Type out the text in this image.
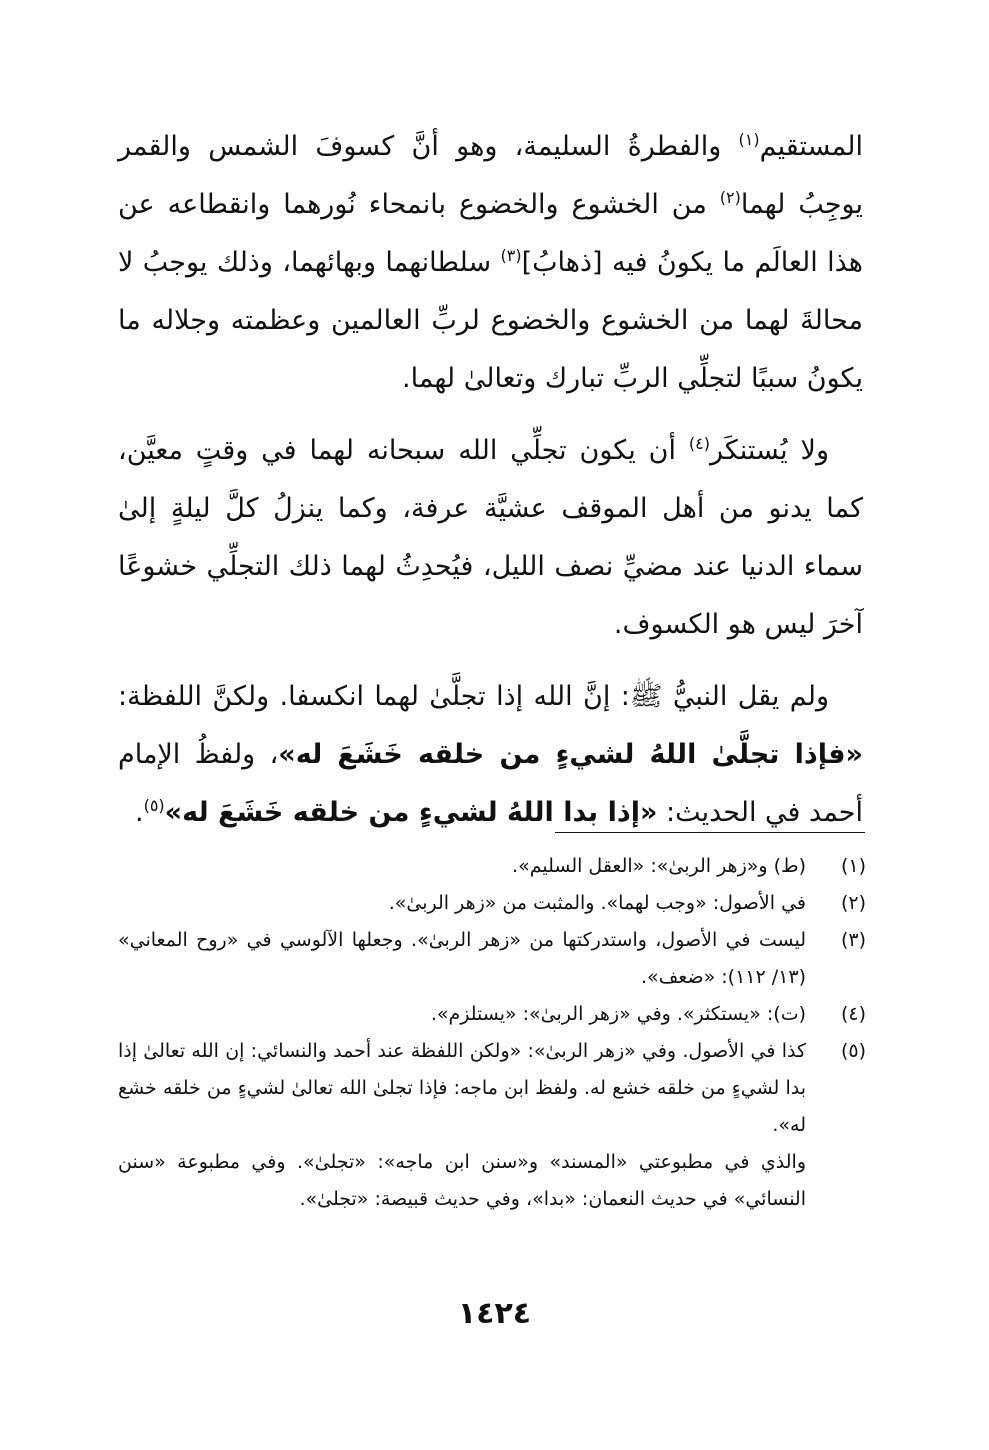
المستقيم$^{(١)}$ والفطرةُ السليمة، وهو أنَّ كسوفَ الشمس والقمر يوجِبُ لهما$^{(٢)}$ من الخشوع والخضوع بانمحاء نُورهما وانقطاعه عن هذا العالَم ما يكونُ فيه [ذهابُ]$^{(٣)}$ سلطانهما وبهائهما، وذلك يوجبُ لا محالةَ لهما من الخشوع والخضوع لربِّ العالمين وعظمته وجلاله ما يكونُ سببًا لتجلِّي الربِّ تبارك وتعالىٰ لهما.

ولا يُستنكَر$^{(٤)}$ أن يكون تجلِّي الله سبحانه لهما في وقتٍ معيَّن، كما يدنو من أهل الموقف عشيَّة عرفة، وكما ينزلُ كلَّ ليلةٍ إلىٰ سماء الدنيا عند مضيِّ نصف الليل، فيُحدِثُ لهما ذلك التجلِّي خشوعًا آخرَ ليس هو الكسوف.

ولم يقل النبيُّ ﷺ: إنَّ الله إذا تجلَّىٰ لهما انكسفا. ولكنَّ اللفظة: «فإذا تجلَّىٰ اللهُ لشيءٍ من خلقه خَشَعَ له»، ولفظُ الإمام أحمد في الحديث: «إذا بدا اللهُ لشيءٍ من خلقه خَشَعَ له»$^{(٥)}$.

(١)
(ط) و«زهر الربىٰ»: «العقل السليم».
(٢)
في الأصول: «وجب لهما». والمثبت من «زهر الربىٰ».
(٣)
ليست في الأصول، واستدركتها من «زهر الربىٰ». وجعلها الآلوسي في «روح المعاني» (١٣/ ١١٢): «ضعف».
(٤)
(ت): «يستكثر». وفي «زهر الربىٰ»: «يستلزم».
(٥)
كذا في الأصول. وفي «زهر الربىٰ»: «ولكن اللفظة عند أحمد والنسائي: إن الله تعالىٰ إذا بدا لشيءٍ من خلقه خشع له. ولفظ ابن ماجه: فإذا تجلىٰ الله تعالىٰ لشيءٍ من خلقه خشع له».
والذي في مطبوعتي «المسند» و«سنن ابن ماجه»: «تجلىٰ». وفي مطبوعة «سنن النسائي» في حديث النعمان: «بدا»، وفي حديث قبيصة: «تجلىٰ».
١٤٢٤
